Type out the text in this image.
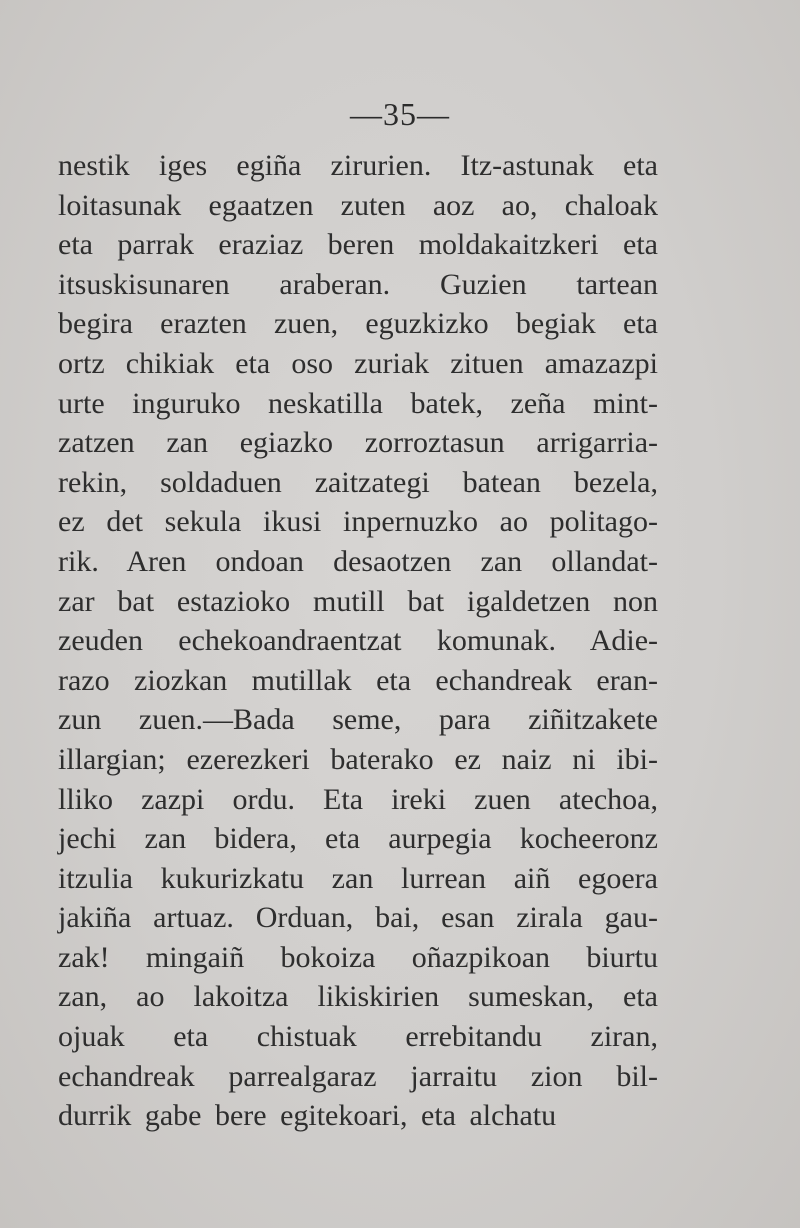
—35—
nestik iges egiña zirurien. Itz-astunak eta
loitasunak egaatzen zuten aoz ao, chaloak
eta parrak eraziaz beren moldakaitzkeri eta
itsuskisunaren araberan. Guzien tartean
begira erazten zuen, eguzkizko begiak eta
ortz chikiak eta oso zuriak zituen amazazpi
urte inguruko neskatilla batek, zeña mint-
zatzen zan egiazko zorroztasun arrigarria-
rekin, soldaduen zaitzategi batean bezela,
ez det sekula ikusi inpernuzko ao politago-
rik. Aren ondoan desaotzen zan ollandat-
zar bat estazioko mutill bat igaldetzen non
zeuden echekoandraentzat komunak. Adie-
razo ziozkan mutillak eta echandreak eran-
zun zuen.—Bada seme, para ziñitzakete
illargian; ezerezkeri baterako ez naiz ni ibi-
lliko zazpi ordu. Eta ireki zuen atechoa,
jechi zan bidera, eta aurpegia kocheeronz
itzulia kukurizkatu zan lurrean aiñ egoera
jakiña artuaz. Orduan, bai, esan zirala gau-
zak! mingaiñ bokoiza oñazpikoan biurtu
zan, ao lakoitza likiskirien sumeskan, eta
ojuak eta chistuak errebitandu ziran,
echandreak parrealgaraz jarraitu zion bil-
durrik gabe bere egitekoari, eta alchatu
